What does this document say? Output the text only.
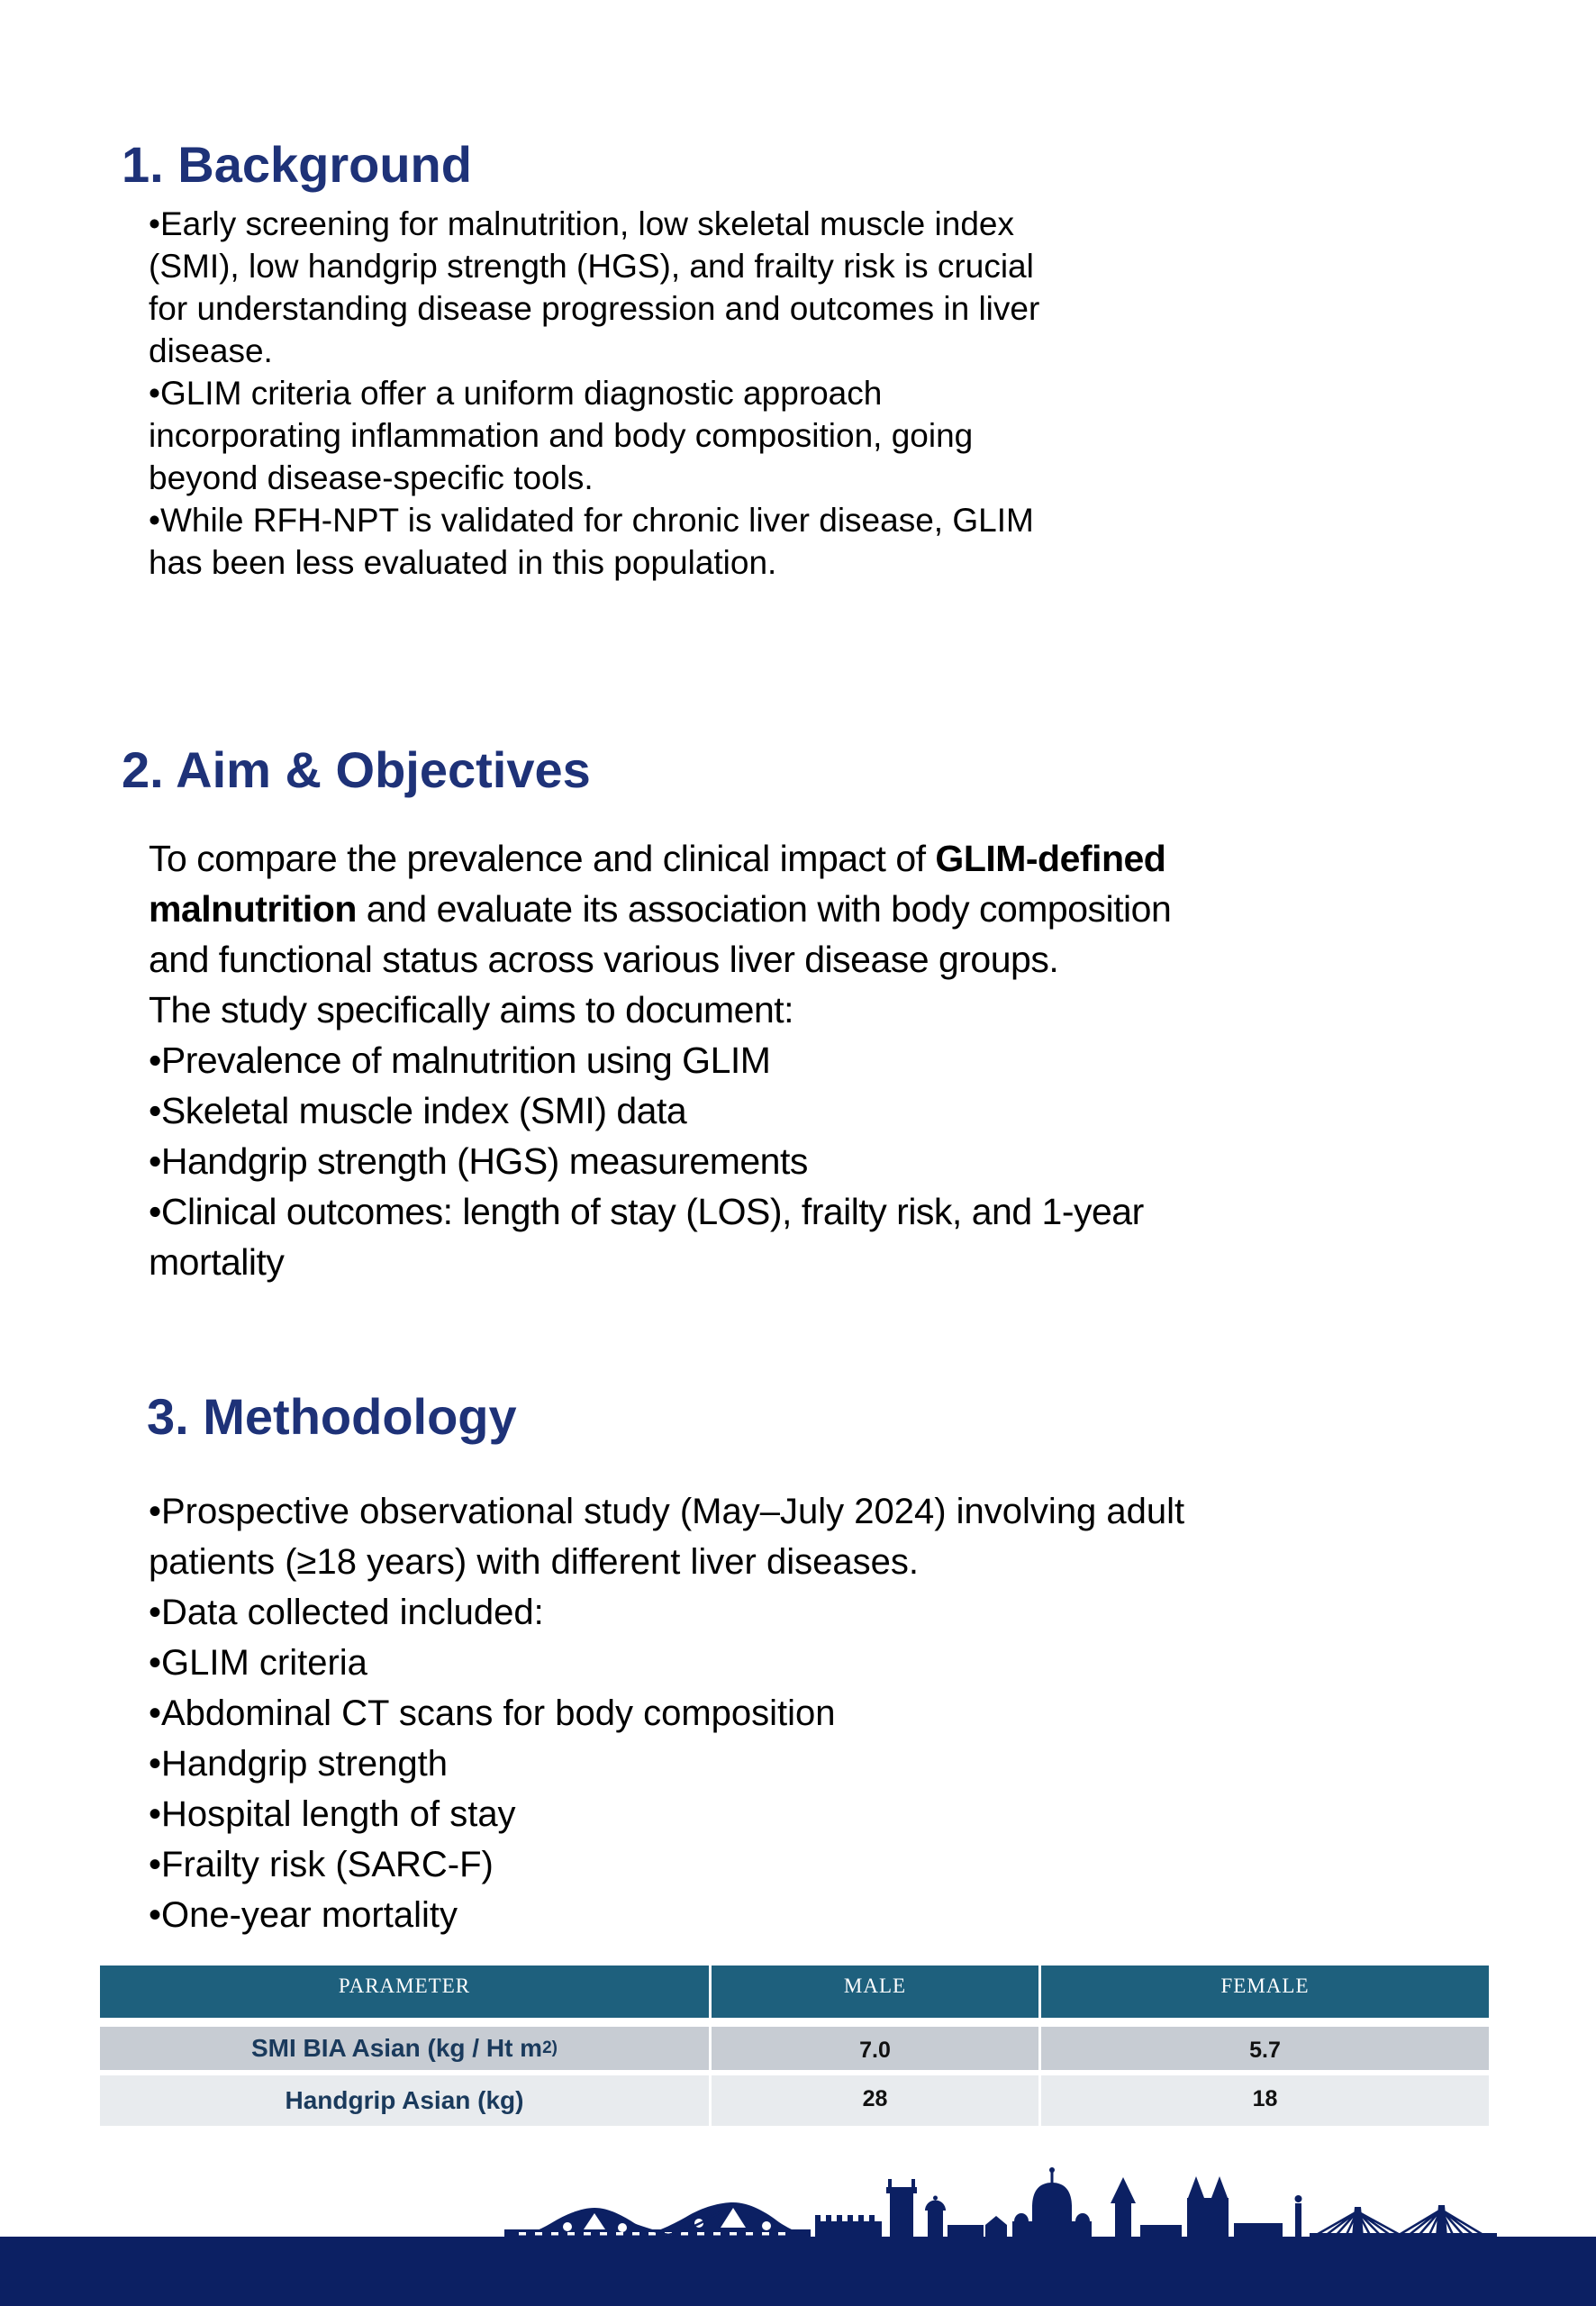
1. Background
•Early screening for malnutrition, low skeletal muscle index
(SMI), low handgrip strength (HGS), and frailty risk is crucial
for understanding disease progression and outcomes in liver
disease.
•GLIM criteria offer a uniform diagnostic approach
incorporating inflammation and body composition, going
beyond disease-specific tools.
•While RFH-NPT is validated for chronic liver disease, GLIM
has been less evaluated in this population.
2. Aim & Objectives
To compare the prevalence and clinical impact of GLIM-defined
malnutrition and evaluate its association with body composition
and functional status across various liver disease groups.
The study specifically aims to document:
•Prevalence of malnutrition using GLIM
•Skeletal muscle index (SMI) data
•Handgrip strength (HGS) measurements
•Clinical outcomes: length of stay (LOS), frailty risk, and 1-year
mortality
3. Methodology
•Prospective observational study (May–July 2024) involving adult
patients (≥18 years) with different liver diseases.
•Data collected included:
•GLIM criteria
•Abdominal CT scans for body composition
•Handgrip strength
•Hospital length of stay
•Frailty risk (SARC-F)
•One-year mortality
PARAMETER	MALE	FEMALE
SMI BIA Asian (kg / Ht m 2)	7.0	5.7
Handgrip Asian (kg)	28	18
